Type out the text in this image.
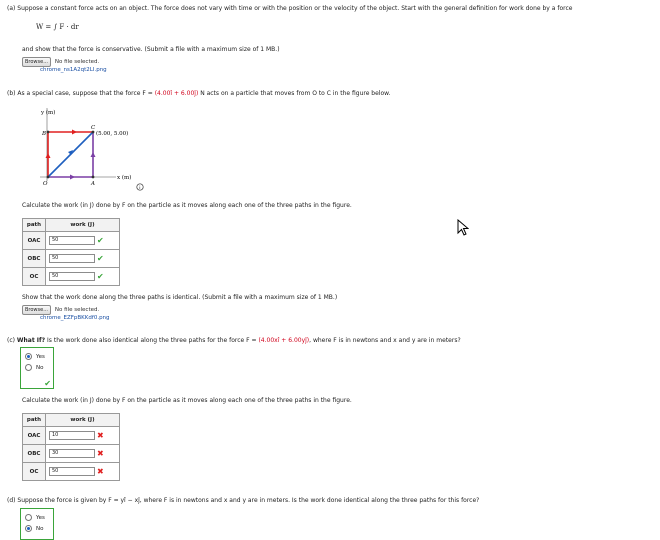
(a) Suppose a constant force acts on an object. The force does not vary with time or with the position or the velocity of the object. Start with the general definition for work done by a force
W = ∫ F · dr
and show that the force is conservative. (Submit a file with a maximum size of 1 MB.)
Browse... No file selected.
chrome_ns1A2qt2LI.png
(b) As a special case, suppose that the force F = (4.00î + 6.00ĵ) N acts on a particle that moves from O to C in the figure below.
y (m)
x (m)
B
C
O	A
(5.00, 5.00)
i
Calculate the work (in J) done by F on the particle as it moves along each one of the three paths in the figure.
path	work (J)
OAC	50 ✔
OBC	50 ✔
OC	50 ✔
Show that the work done along the three paths is identical. (Submit a file with a maximum size of 1 MB.)
Browse... No file selected.
chrome_EZFpBKKdf0.png
(c) What If? Is the work done also identical along the three paths for the force F = (4.00xî + 6.00yĵ), where F is in newtons and x and y are in meters?
Yes
No
✔
Calculate the work (in J) done by F on the particle as it moves along each one of the three paths in the figure.
path	work (J)
OAC	10 ✖
OBC	30 ✖
OC	50 ✖
(d) Suppose the force is given by F = yî − xĵ, where F is in newtons and x and y are in meters. Is the work done identical along the three paths for this force?
Yes
No
